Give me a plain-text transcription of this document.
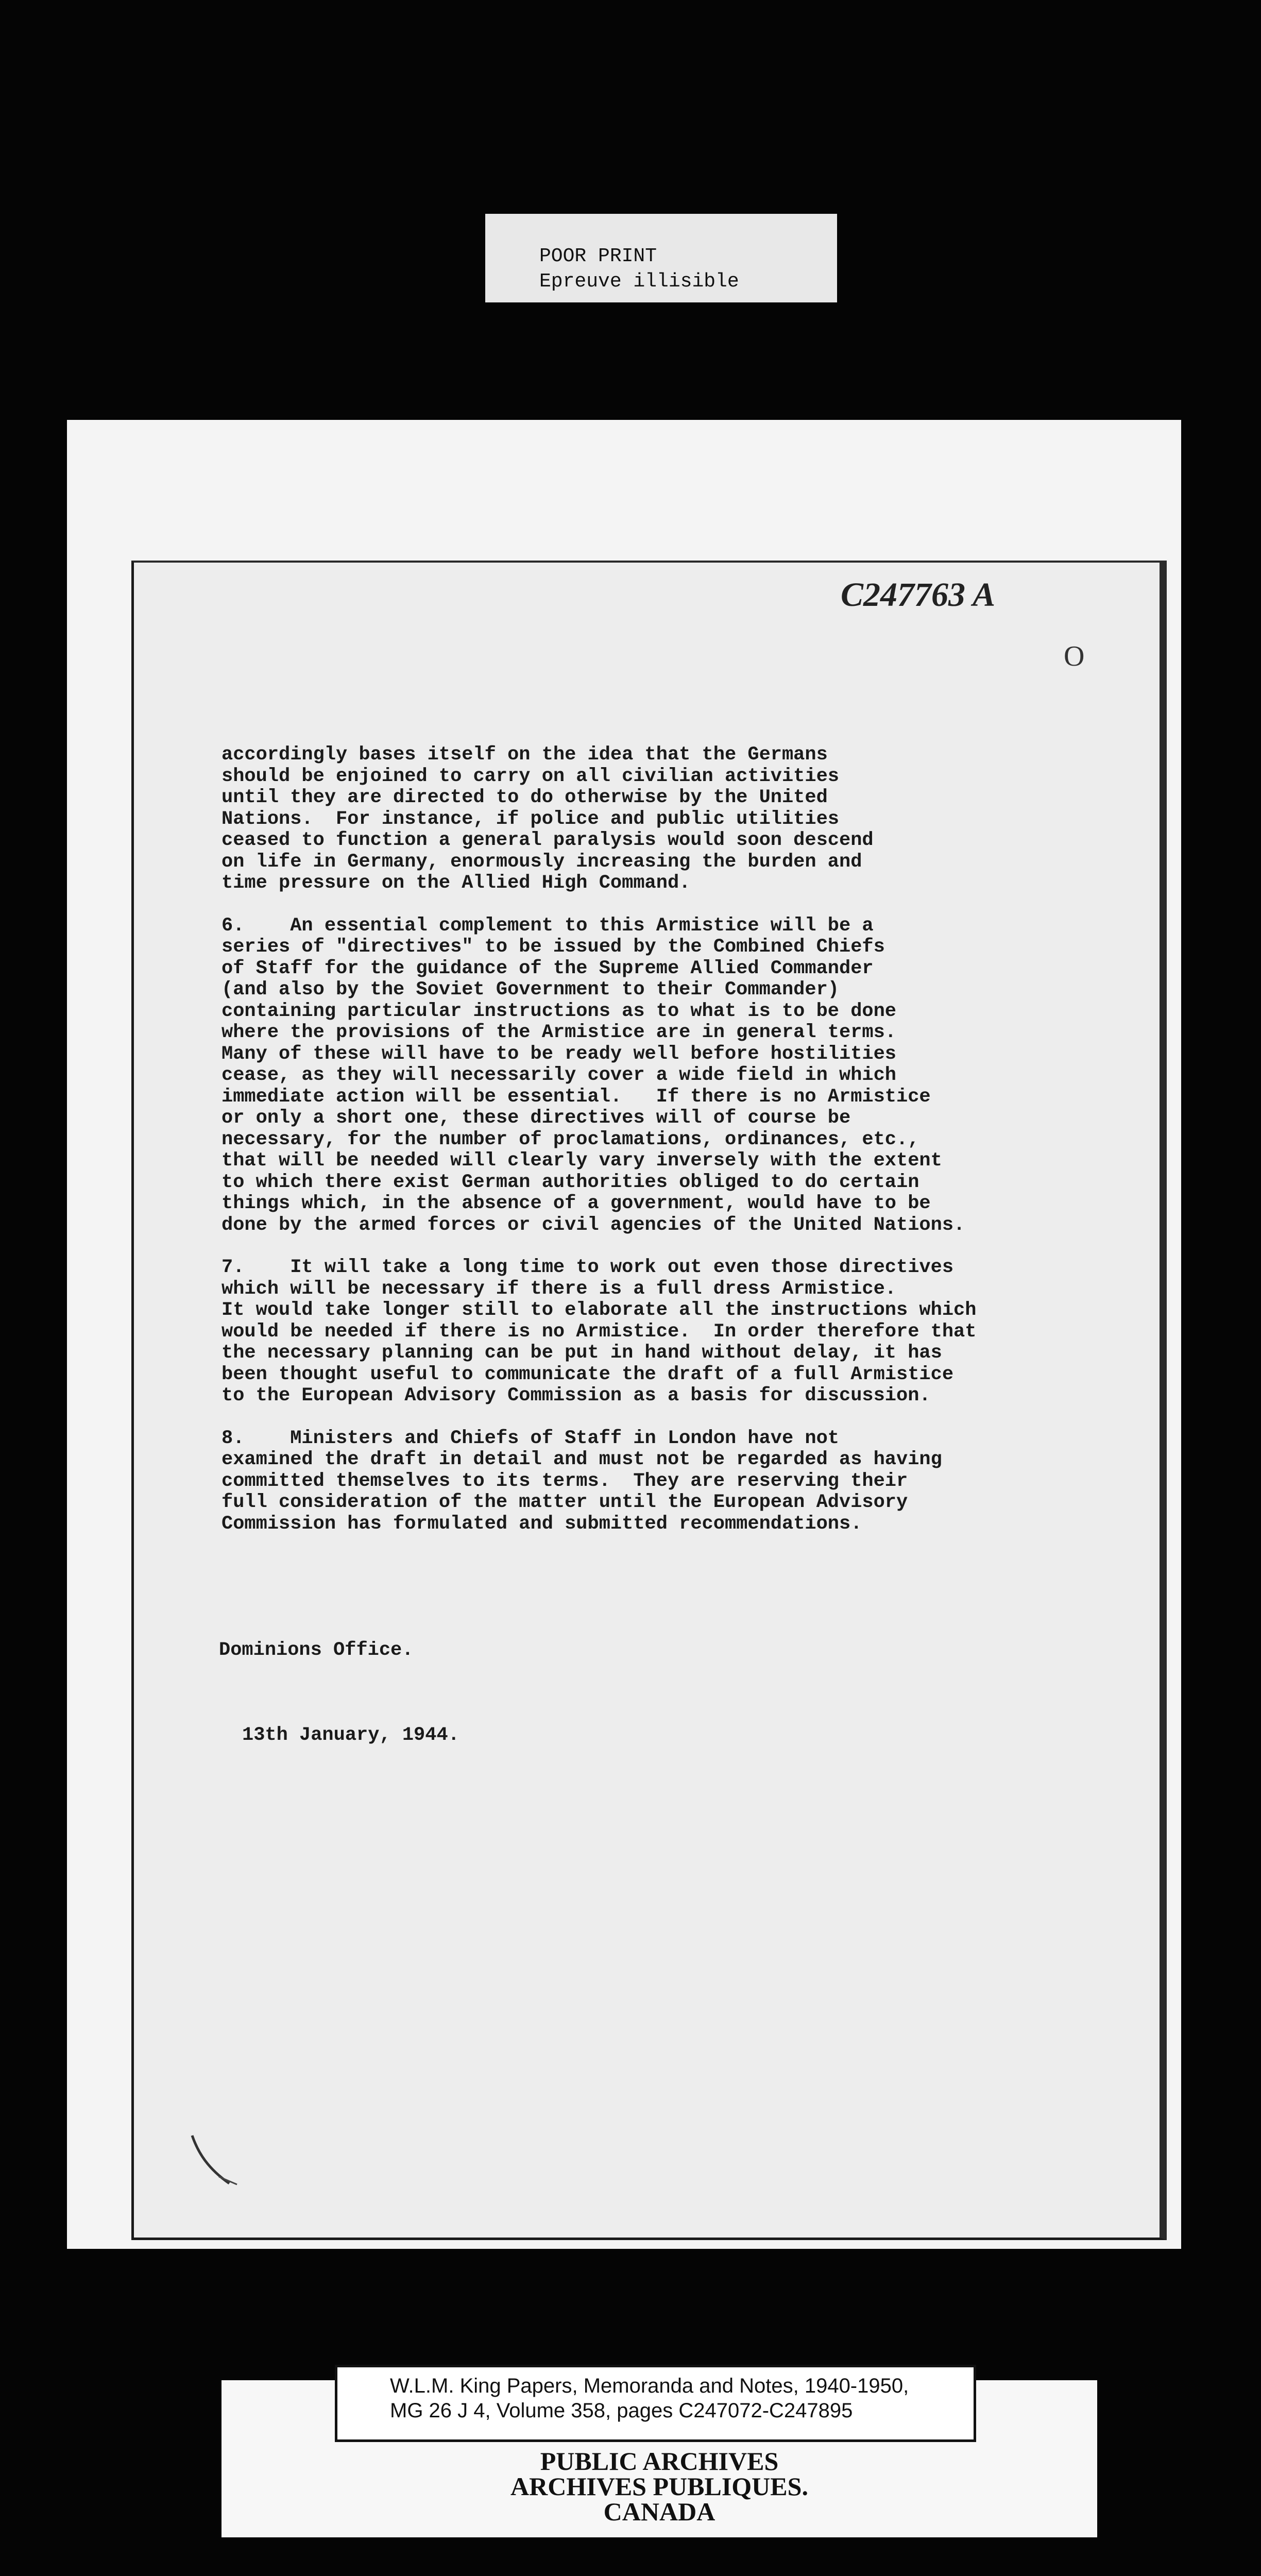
POOR PRINT
Epreuve illisible
C247763 A
O

accordingly bases itself on the idea that the Germans
should be enjoined to carry on all civilian activities
until they are directed to do otherwise by the United
Nations.  For instance, if police and public utilities
ceased to function a general paralysis would soon descend
on life in Germany, enormously increasing the burden and
time pressure on the Allied High Command.

6.    An essential complement to this Armistice will be a
series of "directives" to be issued by the Combined Chiefs
of Staff for the guidance of the Supreme Allied Commander
(and also by the Soviet Government to their Commander)
containing particular instructions as to what is to be done
where the provisions of the Armistice are in general terms.
Many of these will have to be ready well before hostilities
cease, as they will necessarily cover a wide field in which
immediate action will be essential.   If there is no Armistice
or only a short one, these directives will of course be
necessary, for the number of proclamations, ordinances, etc.,
that will be needed will clearly vary inversely with the extent
to which there exist German authorities obliged to do certain
things which, in the absence of a government, would have to be
done by the armed forces or civil agencies of the United Nations.

7.    It will take a long time to work out even those directives
which will be necessary if there is a full dress Armistice.
It would take longer still to elaborate all the instructions which
would be needed if there is no Armistice.  In order therefore that
the necessary planning can be put in hand without delay, it has
been thought useful to communicate the draft of a full Armistice
to the European Advisory Commission as a basis for discussion.

8.    Ministers and Chiefs of Staff in London have not
examined the draft in detail and must not be regarded as having
committed themselves to its terms.  They are reserving their
full consideration of the matter until the European Advisory
Commission has formulated and submitted recommendations.

Dominions Office.

13th January, 1944.

W.L.M. King Papers, Memoranda and Notes, 1940-1950,
MG 26 J 4, Volume 358, pages C247072-C247895
PUBLIC ARCHIVES
ARCHIVES PUBLIQUES.
CANADA
